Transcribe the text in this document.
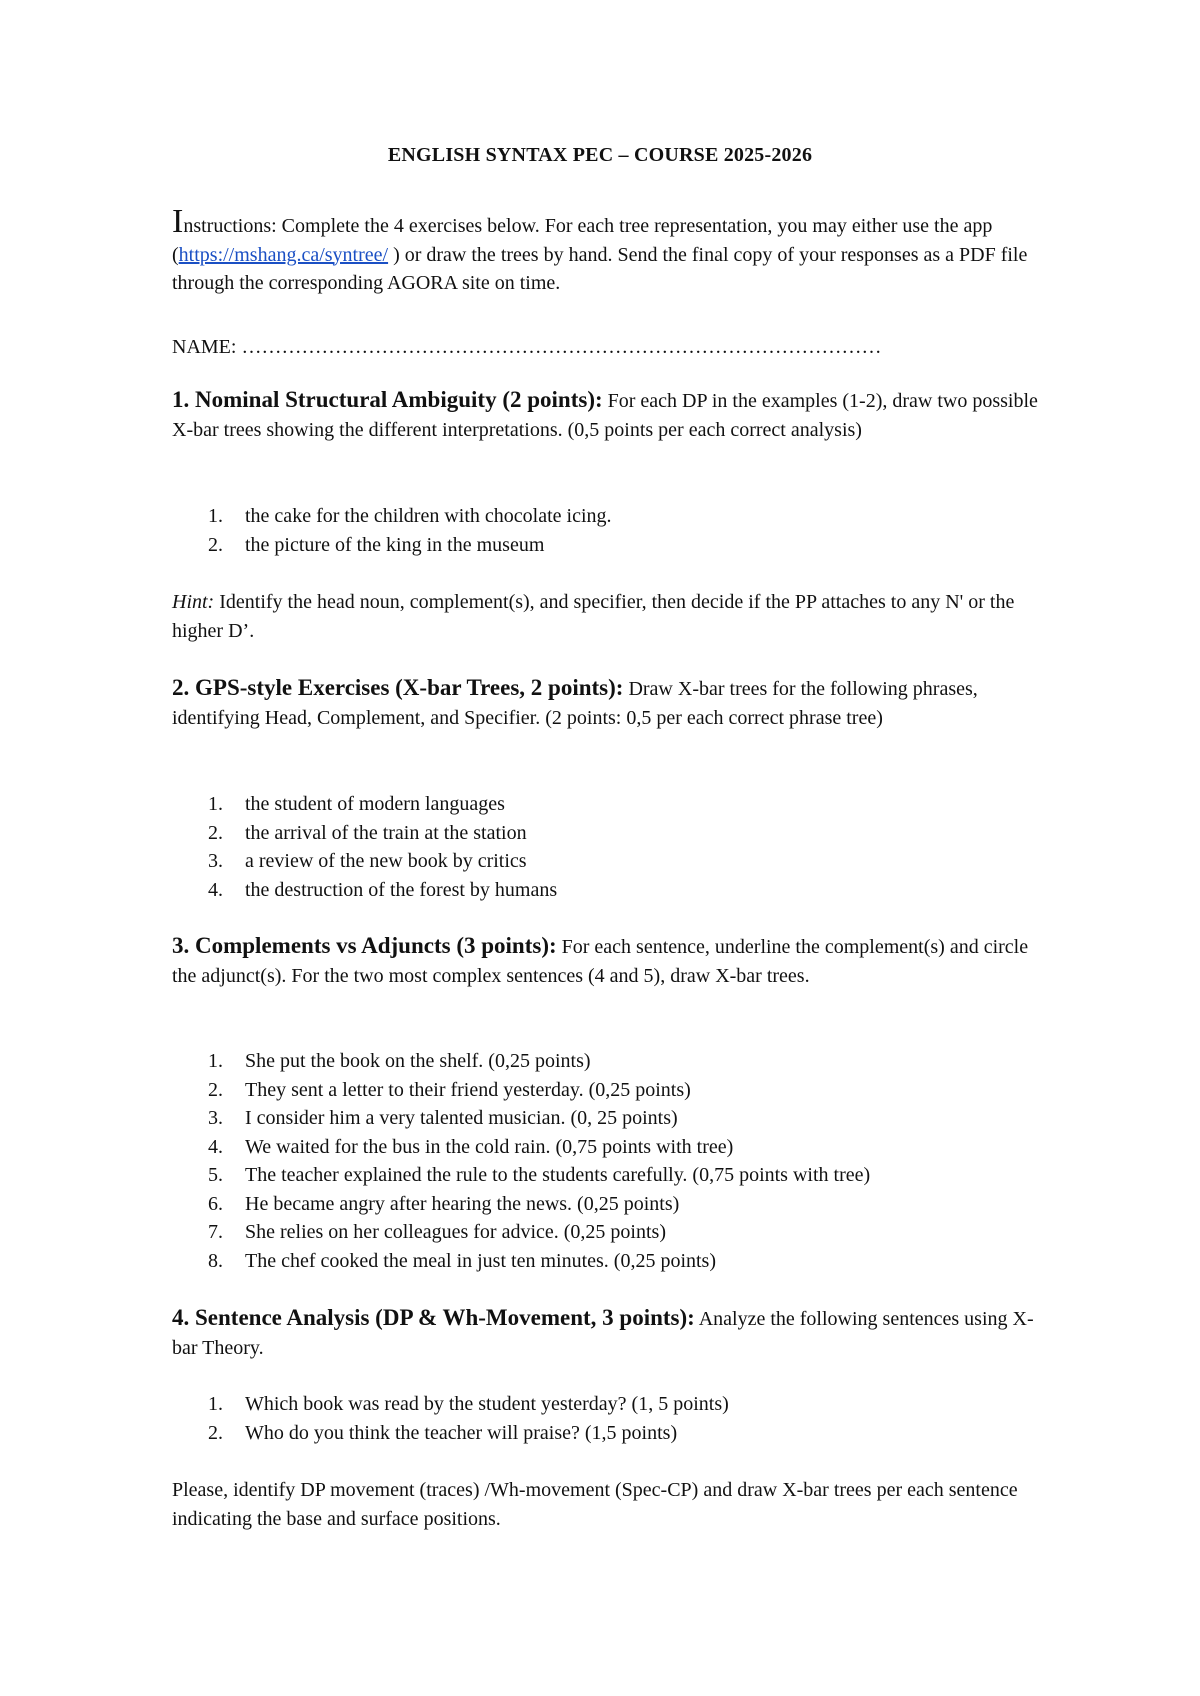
ENGLISH SYNTAX PEC – COURSE 2025-2026
Instructions: Complete the 4 exercises below. For each tree representation, you may either use the app (https://mshang.ca/syntree/ ) or draw the trees by hand. Send the final copy of your responses as a PDF file through the corresponding AGORA site on time.
NAME: ……………………………………………………………………………………
1. Nominal Structural Ambiguity (2 points): For each DP in the examples (1-2), draw two possible X-bar trees showing the different interpretations. (0,5 points per each correct analysis)
1.	the cake for the children with chocolate icing.
2.	the picture of the king in the museum
Hint: Identify the head noun, complement(s), and specifier, then decide if the PP attaches to any N' or the higher D’.
2. GPS-style Exercises (X-bar Trees, 2 points): Draw X-bar trees for the following phrases, identifying Head, Complement, and Specifier. (2 points: 0,5 per each correct phrase tree)
1.	the student of modern languages
2.	the arrival of the train at the station
3.	a review of the new book by critics
4.	the destruction of the forest by humans
3. Complements vs Adjuncts (3 points): For each sentence, underline the complement(s) and circle the adjunct(s). For the two most complex sentences (4 and 5), draw X-bar trees.
1.	She put the book on the shelf. (0,25 points)
2.	They sent a letter to their friend yesterday. (0,25 points)
3.	I consider him a very talented musician. (0, 25 points)
4.	We waited for the bus in the cold rain. (0,75 points with tree)
5.	The teacher explained the rule to the students carefully. (0,75 points with tree)
6.	He became angry after hearing the news. (0,25 points)
7.	She relies on her colleagues for advice. (0,25 points)
8.	The chef cooked the meal in just ten minutes. (0,25 points)
4. Sentence Analysis (DP & Wh-Movement, 3 points): Analyze the following sentences using X-bar Theory.
1.	Which book was read by the student yesterday? (1, 5 points)
2.	Who do you think the teacher will praise? (1,5 points)
Please, identify DP movement (traces) /Wh-movement (Spec-CP) and draw X-bar trees per each sentence indicating the base and surface positions.
